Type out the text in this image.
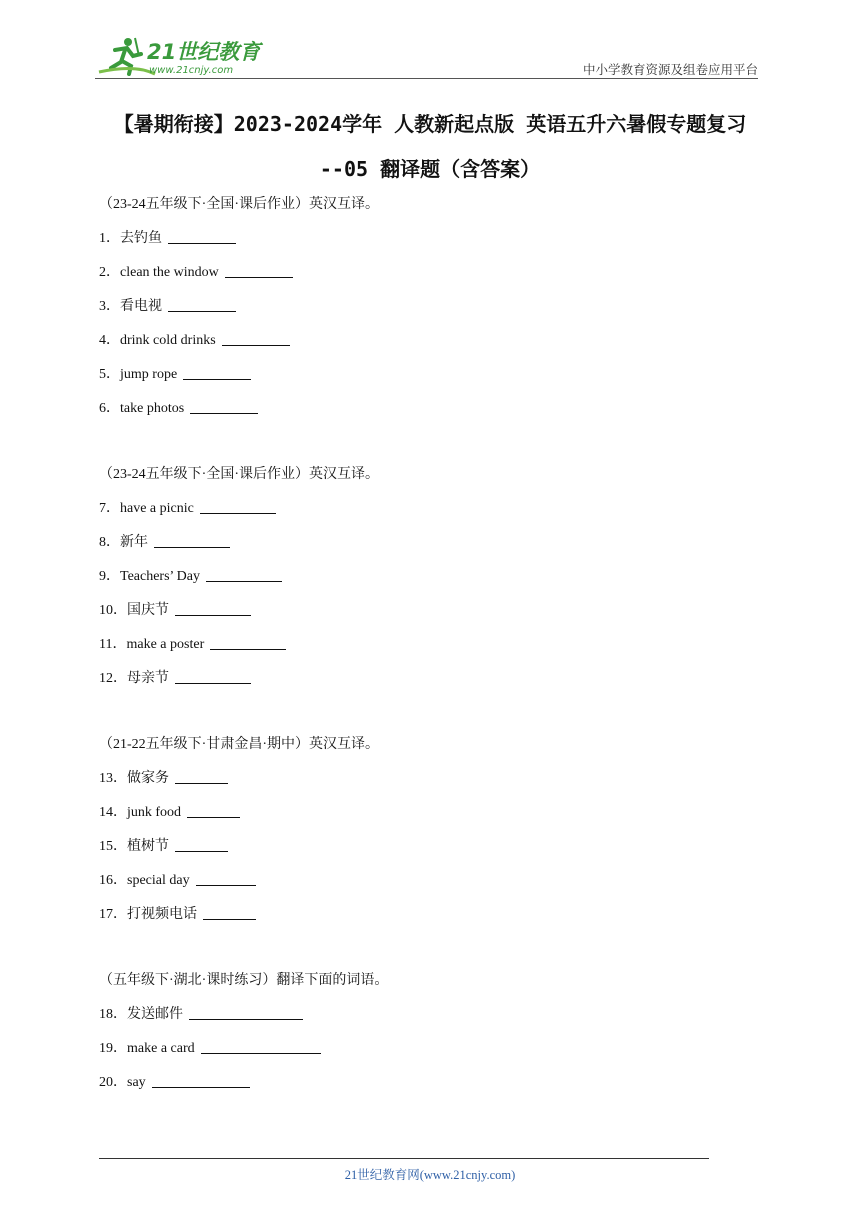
21世纪教育
www.21cnjy.com	中小学教育资源及组卷应用平台
【暑期衔接】2023-2024学年 人教新起点版 英语五升六暑假专题复习
--05 翻译题（含答案）
（23-24五年级下·全国·课后作业）英汉互译。
1．去钓鱼
2．clean the window
3．看电视
4．drink cold drinks
5．jump rope
6．take photos
（23-24五年级下·全国·课后作业）英汉互译。
7．have a picnic
8．新年
9．Teachers’ Day
10．国庆节
11．make a poster
12．母亲节
（21-22五年级下·甘肃金昌·期中）英汉互译。
13．做家务
14．junk food
15．植树节
16．special day
17．打视频电话
（五年级下·湖北·课时练习）翻译下面的词语。
18．发送邮件
19．make a card
20．say
21世纪教育网(www.21cnjy.com)
